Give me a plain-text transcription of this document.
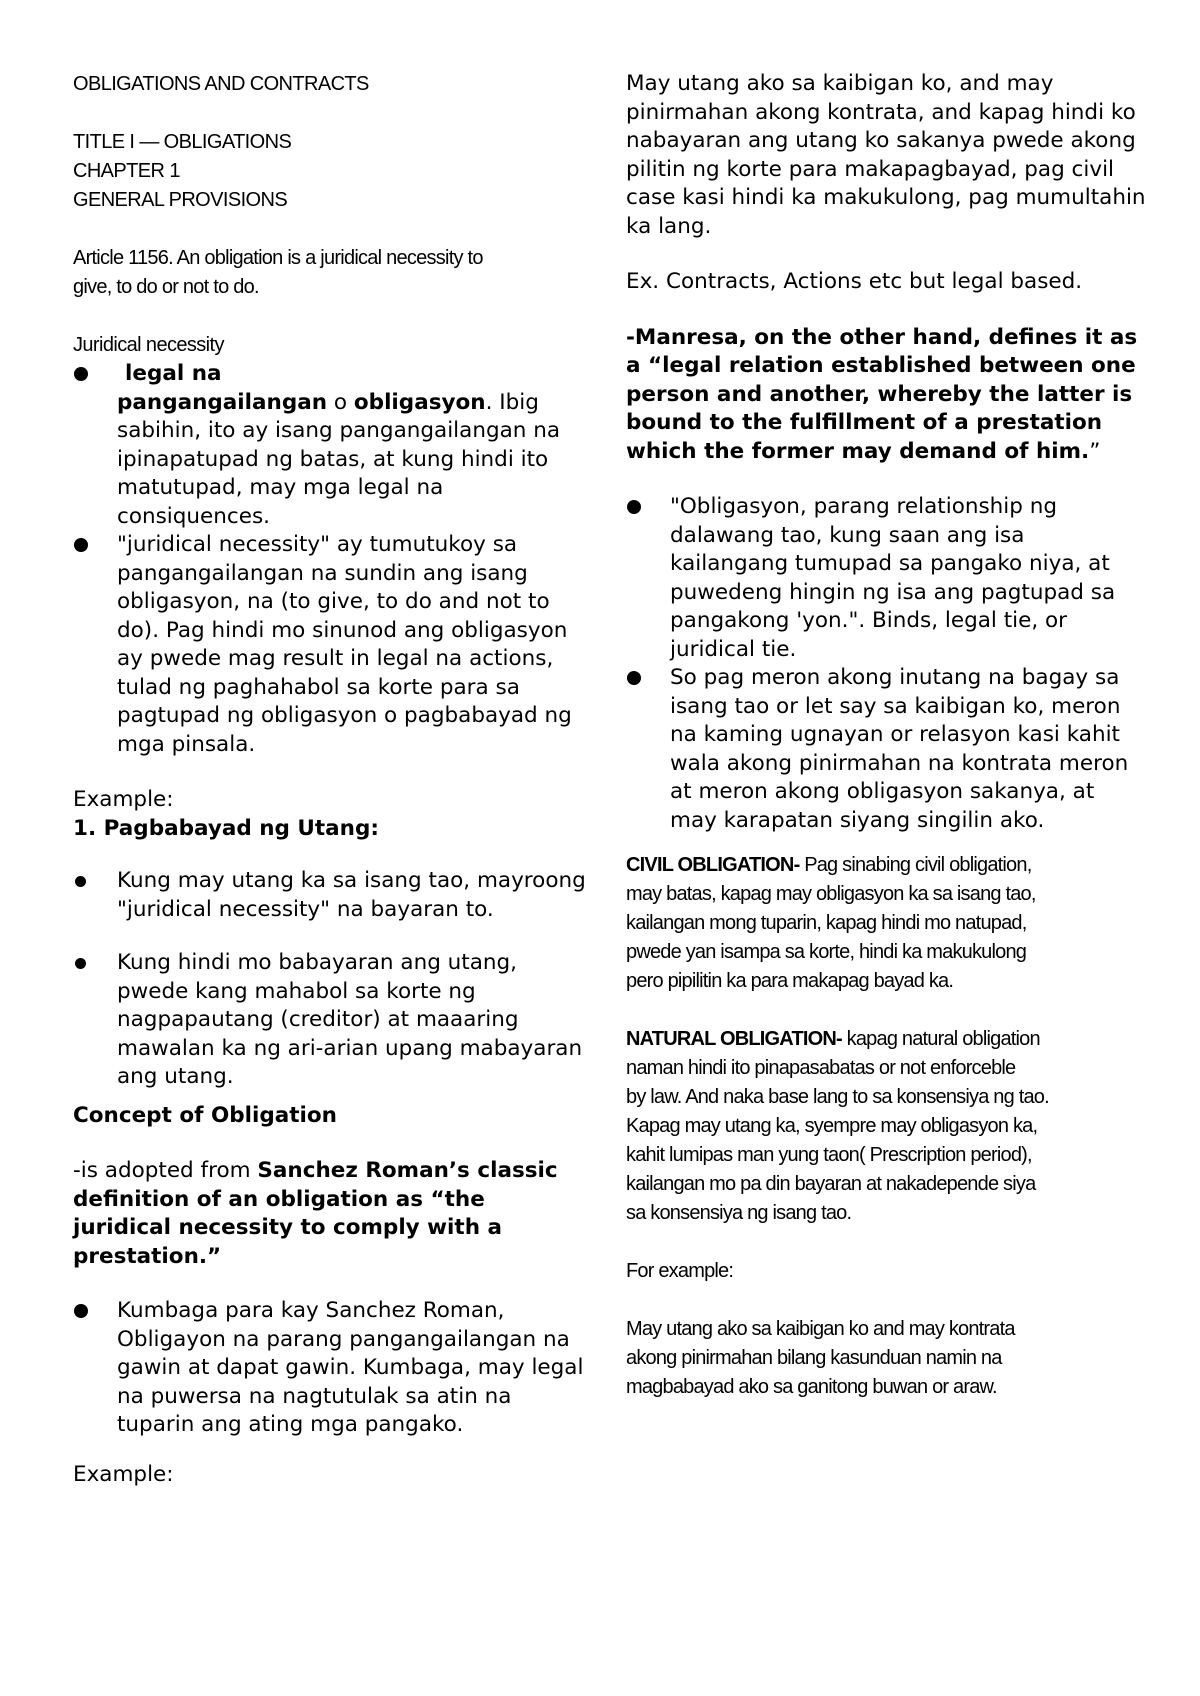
OBLIGATIONS AND CONTRACTS
TITLE I — OBLIGATIONS
CHAPTER 1
GENERAL PROVISIONS
Article 1156. An obligation is a juridical necessity to
give, to do or not to do.
Juridical necessity
legal na
pangangailangan o obligasyon. Ibig sabihin, ito ay isang pangangailangan na ipinapatupad ng batas, at kung hindi ito matutupad, may mga legal na consiquences.
"juridical necessity" ay tumutukoy sa pangangailangan na sundin ang isang obligasyon, na (to give, to do and not to do). Pag hindi mo sinunod ang obligasyon ay pwede mag result in legal na actions, tulad ng paghahabol sa korte para sa pagtupad ng obligasyon o pagbabayad ng mga pinsala.

Example:

1. Pagbabayad ng Utang:

Kung may utang ka sa isang tao, mayroong "juridical necessity" na bayaran to.
Kung hindi mo babayaran ang utang, pwede kang mahabol sa korte ng nagpapautang (creditor) at maaaring mawalan ka ng ari-arian upang mabayaran ang utang.

Concept of Obligation

-is adopted from Sanchez Roman’s classic definition of an obligation as “the juridical necessity to comply with a prestation.”

Kumbaga para kay Sanchez Roman, Obligayon na parang pangangailangan na gawin at dapat gawin. Kumbaga, may legal na puwersa na nagtutulak sa atin na tuparin ang ating mga pangako.

Example:

May utang ako sa kaibigan ko, and may pinirmahan akong kontrata, and kapag hindi ko nabayaran ang utang ko sakanya pwede akong pilitin ng korte para makapagbayad, pag civil case kasi hindi ka makukulong, pag mumultahin ka lang.

Ex. Contracts, Actions etc but legal based.

-Manresa, on the other hand, defines it as a “legal relation established between one person and another, whereby the latter is bound to the fulfillment of a prestation which the former may demand of him.”

"Obligasyon, parang relationship ng dalawang tao, kung saan ang isa kailangang tumupad sa pangako niya, at puwedeng hingin ng isa ang pagtupad sa pangakong 'yon.". Binds, legal tie, or juridical tie.
So pag meron akong inutang na bagay sa isang tao or let say sa kaibigan ko, meron na kaming ugnayan or relasyon kasi kahit wala akong pinirmahan na kontrata meron at meron akong obligasyon sakanya, at may karapatan siyang singilin ako.
CIVIL OBLIGATION- Pag sinabing civil obligation,
may batas, kapag may obligasyon ka sa isang tao,
kailangan mong tuparin, kapag hindi mo natupad,
pwede yan isampa sa korte, hindi ka makukulong
pero pipilitin ka para makapag bayad ka.
NATURAL OBLIGATION- kapag natural obligation
naman hindi ito pinapasabatas or not enforceble
by law. And naka base lang to sa konsensiya ng tao.
Kapag may utang ka, syempre may obligasyon ka,
kahit lumipas man yung taon( Prescription period),
kailangan mo pa din bayaran at nakadepende siya
sa konsensiya ng isang tao.
For example:
May utang ako sa kaibigan ko and may kontrata
akong pinirmahan bilang kasunduan namin na
magbabayad ako sa ganitong buwan or araw.
